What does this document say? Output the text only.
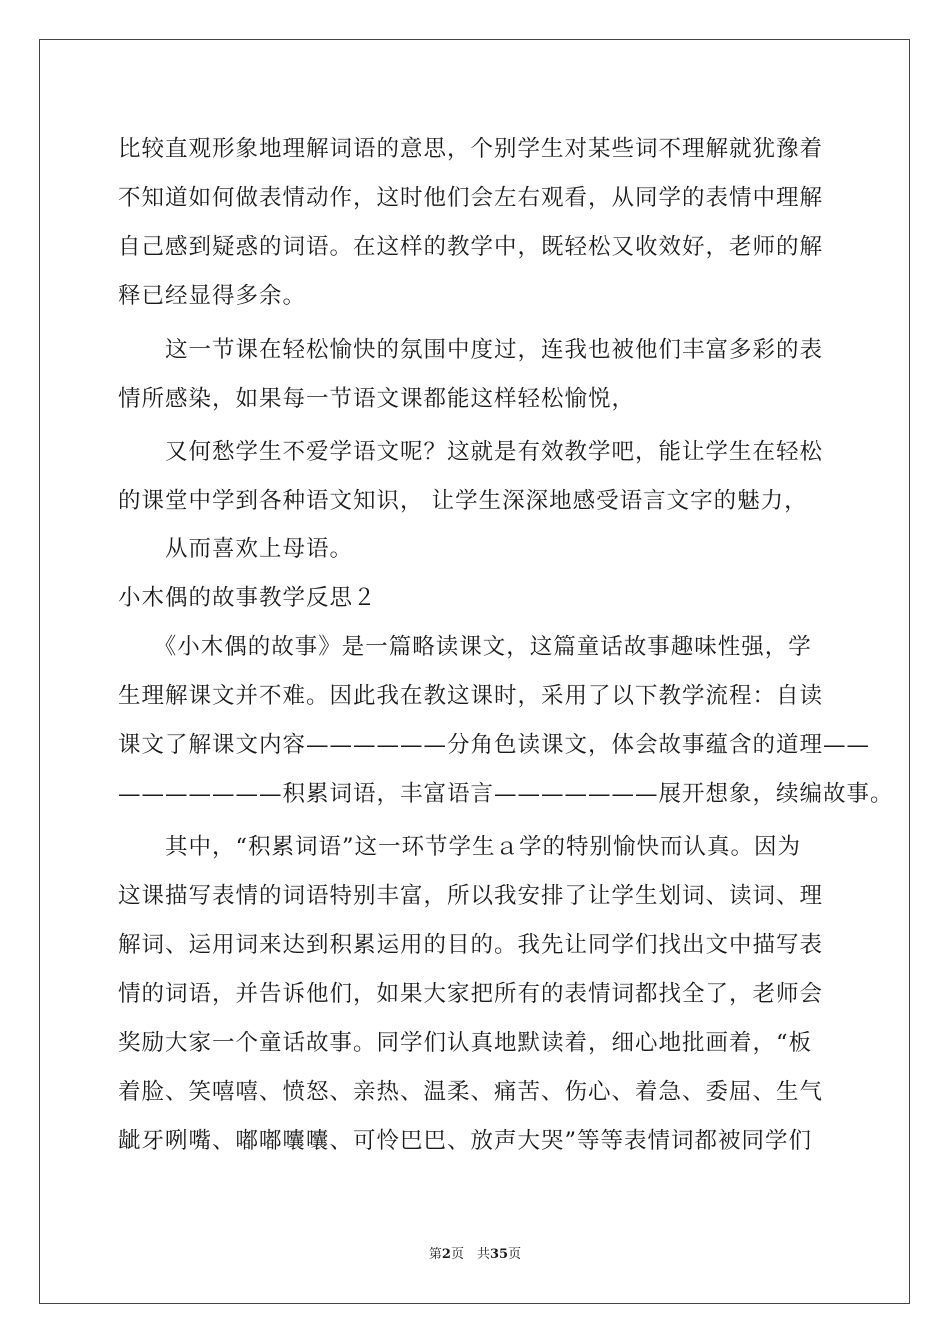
比较直观形象地理解词语的意思，个别学生对某些词不理解就犹豫着
不知道如何做表情动作，这时他们会左右观看，从同学的表情中理解
自己感到疑惑的词语。在这样的教学中，既轻松又收效好，老师的解
释已经显得多余。
　　这一节课在轻松愉快的氛围中度过，连我也被他们丰富多彩的表
情所感染，如果每一节语文课都能这样轻松愉悦，
　　又何愁学生不爱学语文呢？这就是有效教学吧，能让学生在轻松
的课堂中学到各种语文知识， 让学生深深地感受语言文字的魅力，
　　从而喜欢上母语。
小木偶的故事教学反思２
　　《小木偶的故事》是一篇略读课文，这篇童话故事趣味性强，学
生理解课文并不难。因此我在教这课时，采用了以下教学流程：自读
课文了解课文内容——————分角色读课文，体会故事蕴含的道理——
———————积累词语，丰富语言———————展开想象，续编故事。
　　其中，“积累词语”这一环节学生ａ学的特别愉快而认真。因为
这课描写表情的词语特别丰富，所以我安排了让学生划词、读词、理
解词、运用词来达到积累运用的目的。我先让同学们找出文中描写表
情的词语，并告诉他们，如果大家把所有的表情词都找全了，老师会
奖励大家一个童话故事。同学们认真地默读着，细心地批画着，“板
着脸、笑嘻嘻、愤怒、亲热、温柔、痛苦、伤心、着急、委屈、生气
龇牙咧嘴、嘟嘟囔囔、可怜巴巴、放声大哭”等等表情词都被同学们
第2页　共35页
